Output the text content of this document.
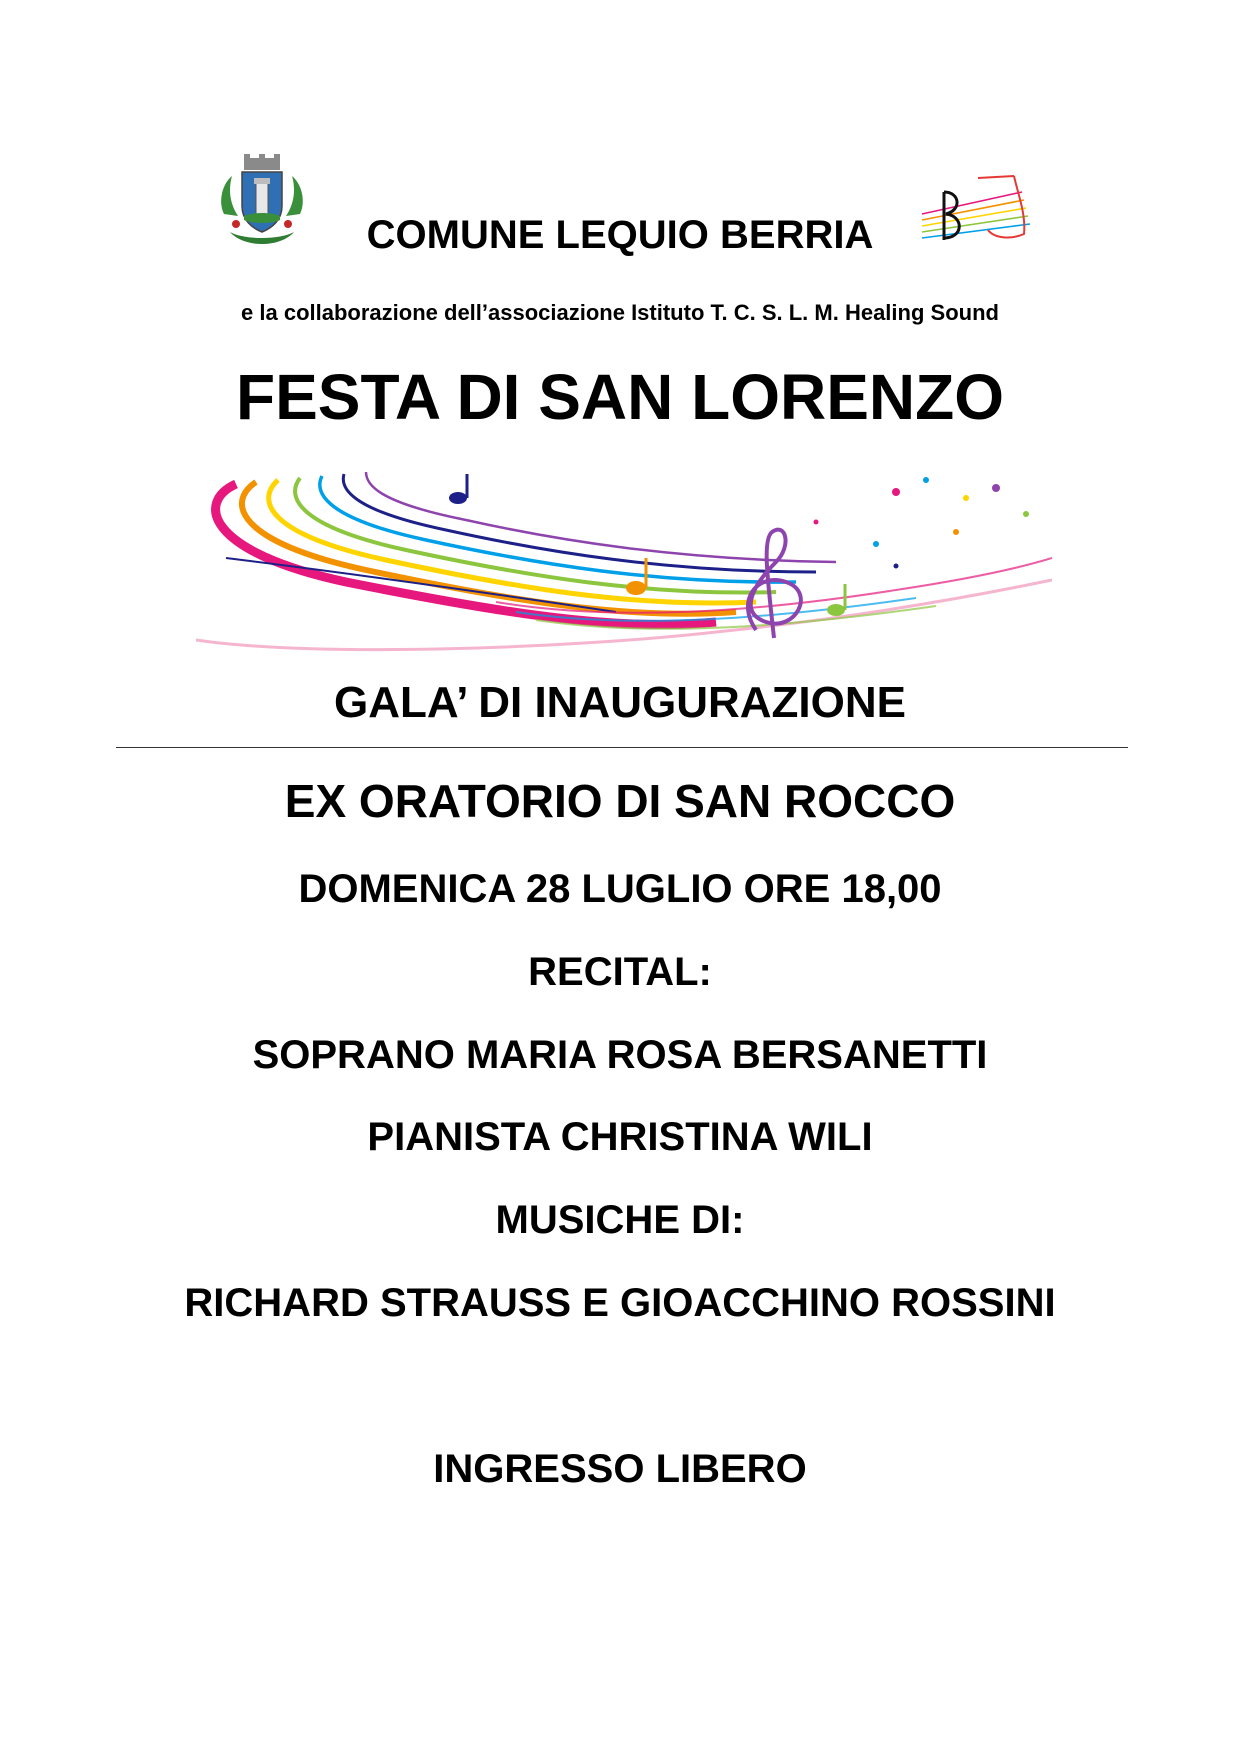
COMUNE LEQUIO BERRIA
e la collaborazione dell’associazione Istituto T. C. S. L. M. Healing Sound
FESTA DI SAN LORENZO
GALA’ DI INAUGURAZIONE
EX ORATORIO DI SAN ROCCO
DOMENICA 28 LUGLIO ORE 18,00
RECITAL:
SOPRANO MARIA ROSA BERSANETTI
PIANISTA CHRISTINA WILI
MUSICHE DI:
RICHARD STRAUSS E GIOACCHINO ROSSINI
INGRESSO LIBERO
